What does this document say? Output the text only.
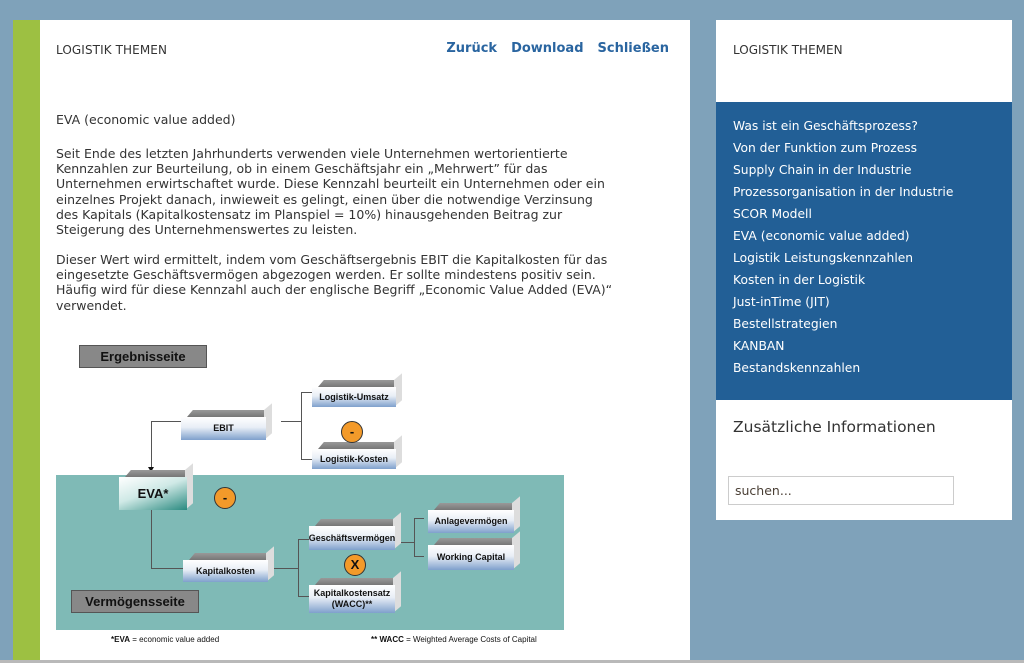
LOGISTIK THEMEN	Zurück Download Schließen
EVA (economic value added)

Seit Ende des letzten Jahrhunderts verwenden viele Unternehmen wertorientierte Kennzahlen zur Beurteilung, ob in einem Geschäftsjahr ein „Mehrwert” für das Unternehmen erwirtschaftet wurde. Diese Kennzahl beurteilt ein Unternehmen oder ein einzelnes Projekt danach, inwieweit es gelingt, einen über die notwendige Verzinsung des Kapitals (Kapitalkostensatz im Planspiel = 10%) hinausgehenden Beitrag zur Steigerung des Unternehmenswertes zu leisten.

Dieser Wert wird ermittelt, indem vom Geschäftsergebnis EBIT die Kapitalkosten für das eingesetzte Geschäftsvermögen abgezogen werden. Er sollte mindestens positiv sein. Häufig wird für diese Kennzahl auch der englische Begriff „Economic Value Added (EVA)“ verwendet.

Ergebnisseite
Vermögensseite
EBIT
Logistik-Umsatz
Logistik-Kosten
EVA*
Kapitalkosten
Geschäftsvermögen
Anlagevermögen
Working Capital
Kapitalkostensatz (WACC)**
-
-
X
*EVA = economic value added	** WACC = Weighted Average Costs of Capital
LOGISTIK THEMEN
Was ist ein Geschäftsprozess?
Von der Funktion zum Prozess
Supply Chain in der Industrie
Prozessorganisation in der Industrie
SCOR Modell
EVA (economic value added)
Logistik Leistungskennzahlen
Kosten in der Logistik
Just-inTime (JIT)
Bestellstrategien
KANBAN
Bestandskennzahlen
Zusätzliche Informationen
suchen...
